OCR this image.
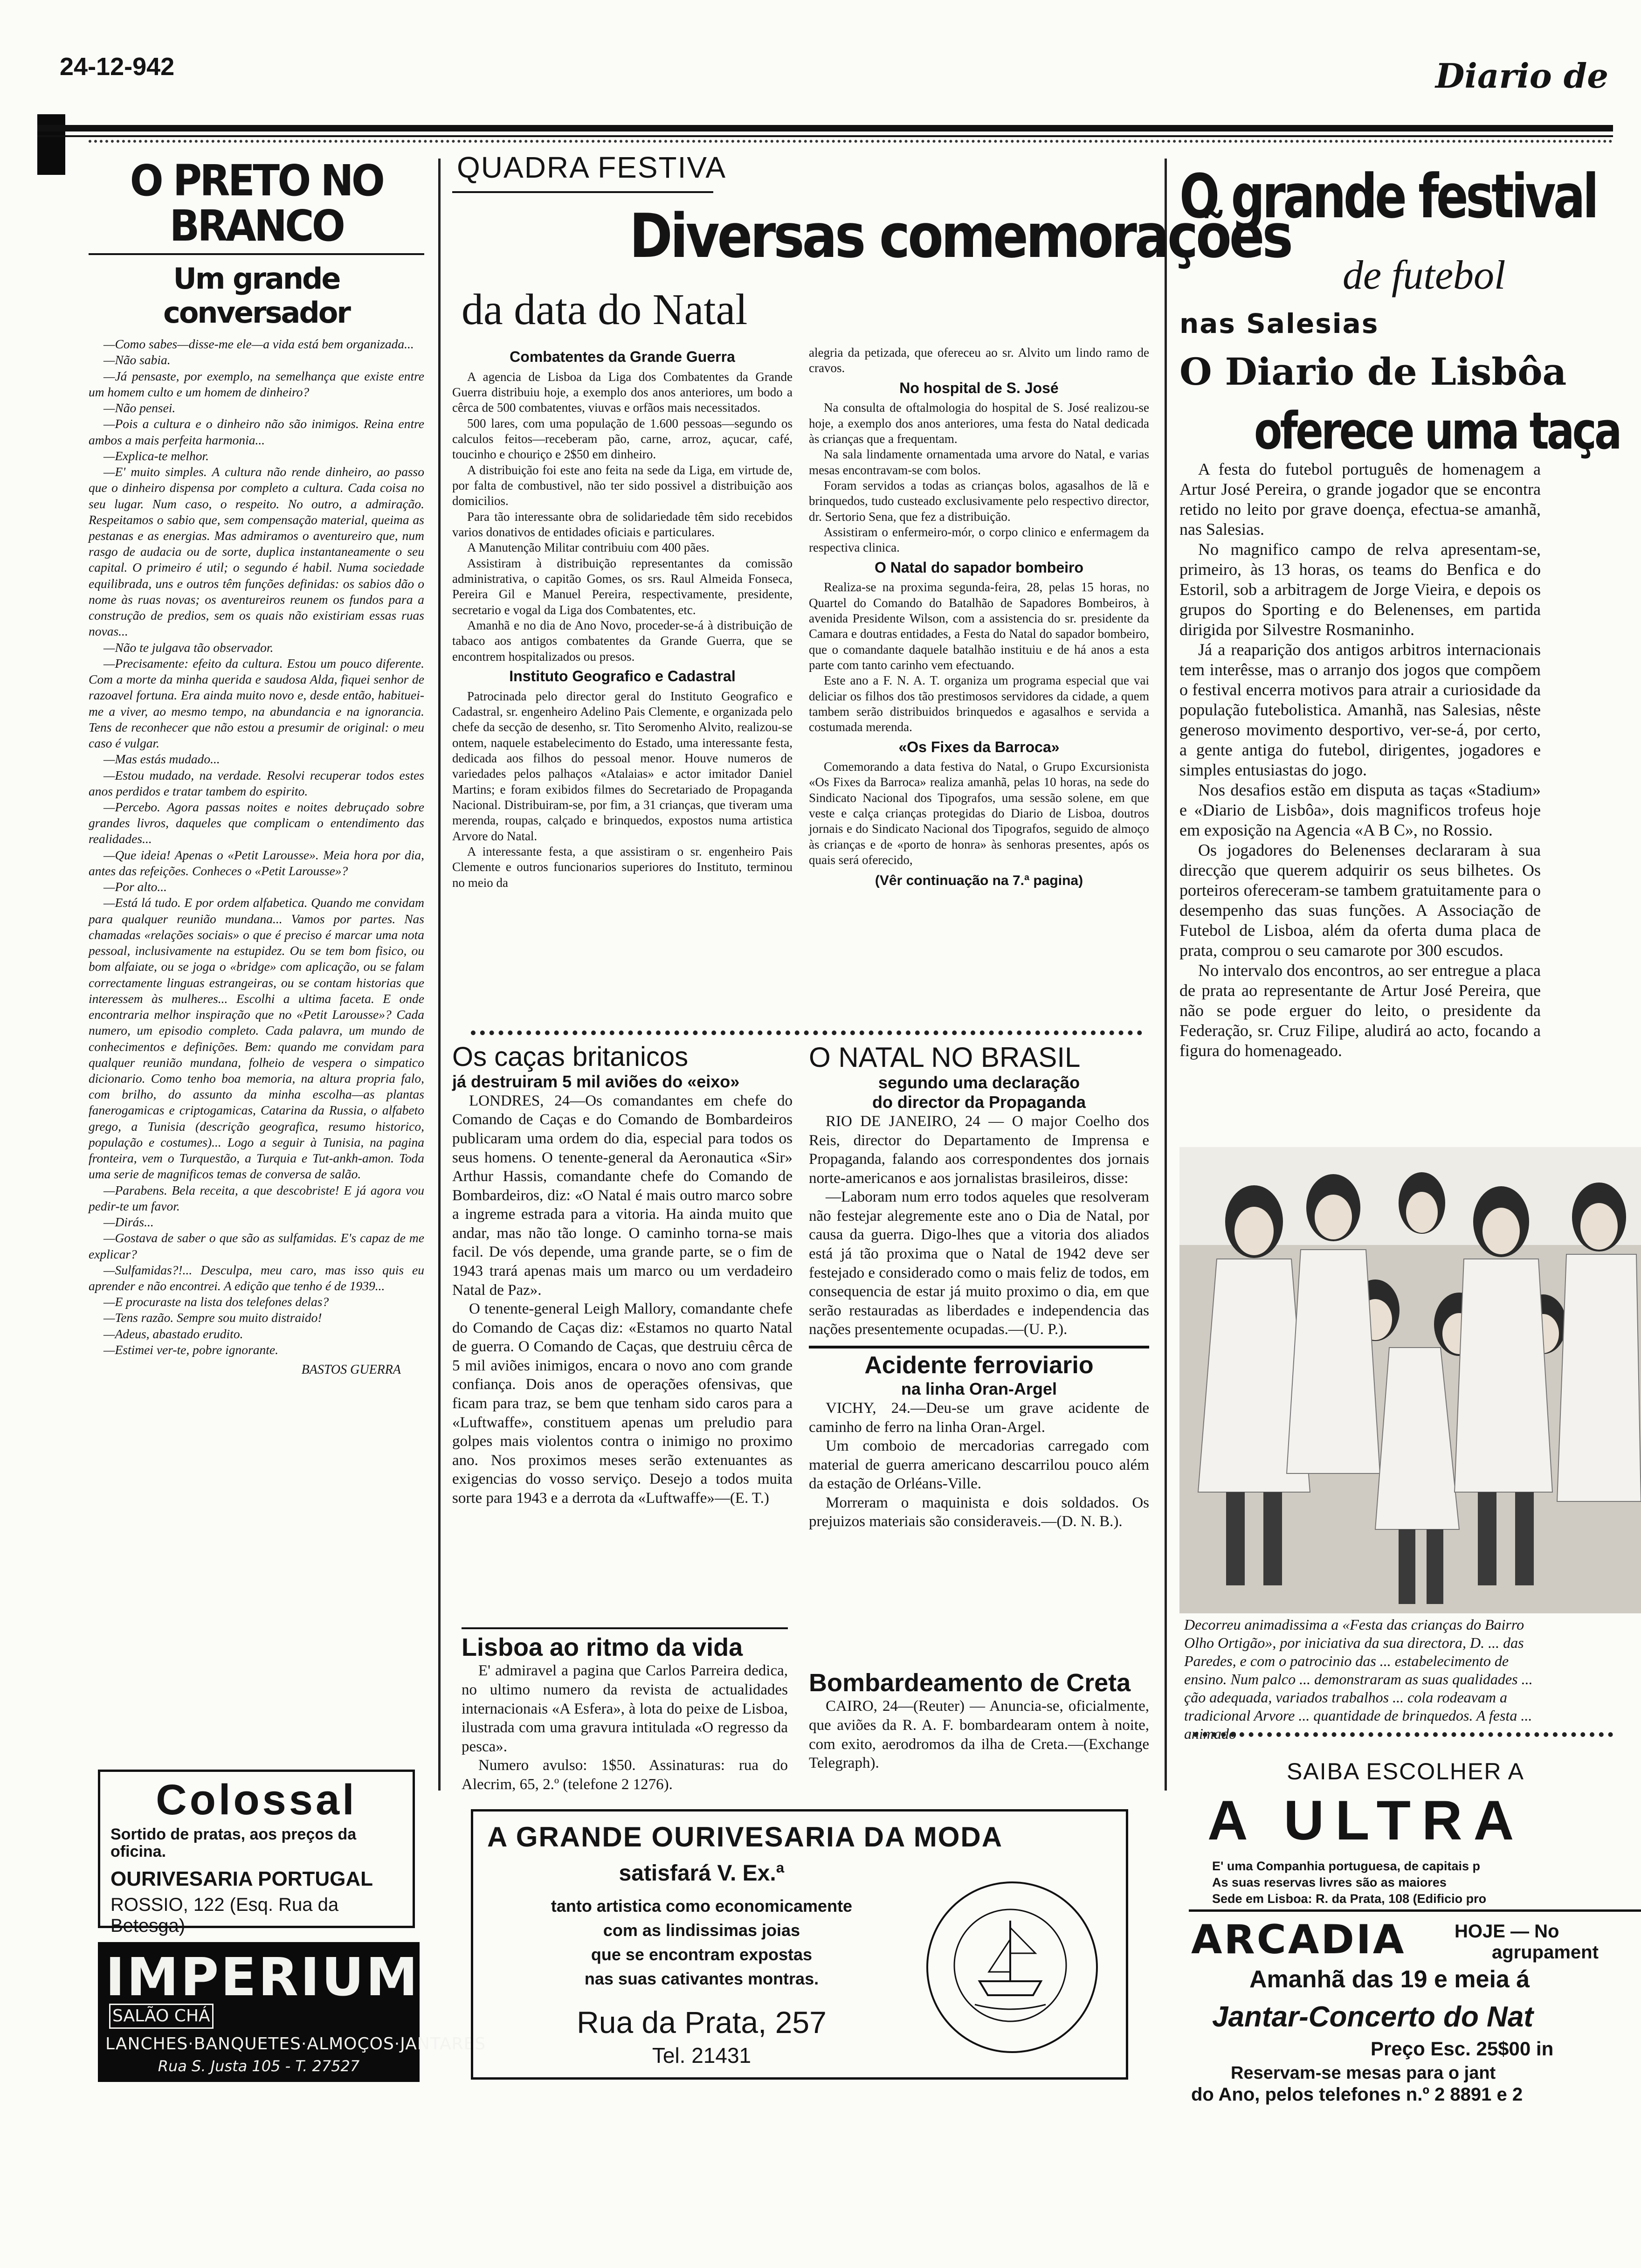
24-12-942	Diario de
O PRETO NO BRANCO
Um grande conversador

—Como sabes—disse-me ele—a vida está bem organizada...

—Não sabia.

—Já pensaste, por exemplo, na semelhança que existe entre um homem culto e um homem de dinheiro?

—Não pensei.

—Pois a cultura e o dinheiro não são inimigos. Reina entre ambos a mais perfeita harmonia...

—Explica-te melhor.

—E' muito simples. A cultura não rende dinheiro, ao passo que o dinheiro dispensa por completo a cultura. Cada coisa no seu lugar. Num caso, o respeito. No outro, a admiração. Respeitamos o sabio que, sem compensação material, queima as pestanas e as energias. Mas admiramos o aventureiro que, num rasgo de audacia ou de sorte, duplica instantaneamente o seu capital. O primeiro é util; o segundo é habil. Numa sociedade equilibrada, uns e outros têm funções definidas: os sabios dão o nome às ruas novas; os aventureiros reunem os fundos para a construção de predios, sem os quais não existiriam essas ruas novas...

—Não te julgava tão observador.

—Precisamente: efeito da cultura. Estou um pouco diferente. Com a morte da minha querida e saudosa Alda, fiquei senhor de razoavel fortuna. Era ainda muito novo e, desde então, habituei-me a viver, ao mesmo tempo, na abundancia e na ignorancia. Tens de reconhecer que não estou a presumir de original: o meu caso é vulgar.

—Mas estás mudado...

—Estou mudado, na verdade. Resolvi recuperar todos estes anos perdidos e tratar tambem do espirito.

—Percebo. Agora passas noites e noites debruçado sobre grandes livros, daqueles que complicam o entendimento das realidades...

—Que ideia! Apenas o «Petit Larousse». Meia hora por dia, antes das refeições. Conheces o «Petit Larousse»?

—Por alto...

—Está lá tudo. E por ordem alfabetica. Quando me convidam para qualquer reunião mundana... Vamos por partes. Nas chamadas «relações sociais» o que é preciso é marcar uma nota pessoal, inclusivamente na estupidez. Ou se tem bom fisico, ou bom alfaiate, ou se joga o «bridge» com aplicação, ou se falam correctamente linguas estrangeiras, ou se contam historias que interessem às mulheres... Escolhi a ultima faceta. E onde encontraria melhor inspiração que no «Petit Larousse»? Cada numero, um episodio completo. Cada palavra, um mundo de conhecimentos e definições. Bem: quando me convidam para qualquer reunião mundana, folheio de vespera o simpatico dicionario. Como tenho boa memoria, na altura propria falo, com brilho, do assunto da minha escolha—as plantas fanerogamicas e criptogamicas, Catarina da Russia, o alfabeto grego, a Tunisia (descrição geografica, resumo historico, população e costumes)... Logo a seguir à Tunisia, na pagina fronteira, vem o Turquestão, a Turquia e Tut-ankh-amon. Toda uma serie de magnificos temas de conversa de salão.

—Parabens. Bela receita, a que descobriste! E já agora vou pedir-te um favor.

—Dirás...

—Gostava de saber o que são as sulfamidas. E's capaz de me explicar?

—Sulfamidas?!... Desculpa, meu caro, mas isso quis eu aprender e não encontrei. A edição que tenho é de 1939...

—E procuraste na lista dos telefones delas?

—Tens razão. Sempre sou muito distraido!

—Adeus, abastado erudito.

—Estimei ver-te, pobre ignorante.

BASTOS GUERRA
Colossal
Sortido de pratas, aos preços da oficina.
OURIVESARIA PORTUGAL
ROSSIO, 122 (Esq. Rua da Betesga)
IMPERIUM SALÃO CHÁ
LANCHES·BANQUETES·ALMOÇOS·JANTARES
Rua S. Justa 105 - T. 27527
QUADRA FESTIVA
Diversas comemorações
da data do Natal
Combatentes da Grande Guerra

A agencia de Lisboa da Liga dos Combatentes da Grande Guerra distribuiu hoje, a exemplo dos anos anteriores, um bodo a cêrca de 500 combatentes, viuvas e orfãos mais necessitados.

500 lares, com uma população de 1.600 pessoas—segundo os calculos feitos—receberam pão, carne, arroz, açucar, café, toucinho e chouriço e 2$50 em dinheiro.

A distribuição foi este ano feita na sede da Liga, em virtude de, por falta de combustivel, não ter sido possivel a distribuição aos domicilios.

Para tão interessante obra de solidariedade têm sido recebidos varios donativos de entidades oficiais e particulares.

A Manutenção Militar contribuiu com 400 pães.

Assistiram à distribuição representantes da comissão administrativa, o capitão Gomes, os srs. Raul Almeida Fonseca, Pereira Gil e Manuel Pereira, respectivamente, presidente, secretario e vogal da Liga dos Combatentes, etc.

Amanhã e no dia de Ano Novo, proceder-se-á à distribuição de tabaco aos antigos combatentes da Grande Guerra, que se encontrem hospitalizados ou presos.

Instituto Geografico e Cadastral

Patrocinada pelo director geral do Instituto Geografico e Cadastral, sr. engenheiro Adelino Pais Clemente, e organizada pelo chefe da secção de desenho, sr. Tito Seromenho Alvito, realizou-se ontem, naquele estabelecimento do Estado, uma interessante festa, dedicada aos filhos do pessoal menor. Houve numeros de variedades pelos palhaços «Atalaias» e actor imitador Daniel Martins; e foram exibidos filmes do Secretariado de Propaganda Nacional. Distribuiram-se, por fim, a 31 crianças, que tiveram uma merenda, roupas, calçado e brinquedos, expostos numa artistica Arvore do Natal.

A interessante festa, a que assistiram o sr. engenheiro Pais Clemente e outros funcionarios superiores do Instituto, terminou no meio da

alegria da petizada, que ofereceu ao sr. Alvito um lindo ramo de cravos.

No hospital de S. José

Na consulta de oftalmologia do hospital de S. José realizou-se hoje, a exemplo dos anos anteriores, uma festa do Natal dedicada às crianças que a frequentam.

Na sala lindamente ornamentada uma arvore do Natal, e varias mesas encontravam-se com bolos.

Foram servidos a todas as crianças bolos, agasalhos de lã e brinquedos, tudo custeado exclusivamente pelo respectivo director, dr. Sertorio Sena, que fez a distribuição.

Assistiram o enfermeiro-mór, o corpo clinico e enfermagem da respectiva clinica.

O Natal do sapador bombeiro

Realiza-se na proxima segunda-feira, 28, pelas 15 horas, no Quartel do Comando do Batalhão de Sapadores Bombeiros, à avenida Presidente Wilson, com a assistencia do sr. presidente da Camara e doutras entidades, a Festa do Natal do sapador bombeiro, que o comandante daquele batalhão instituiu e de há anos a esta parte com tanto carinho vem efectuando.

Este ano a F. N. A. T. organiza um programa especial que vai deliciar os filhos dos tão prestimosos servidores da cidade, a quem tambem serão distribuidos brinquedos e agasalhos e servida a costumada merenda.

«Os Fixes da Barroca»

Comemorando a data festiva do Natal, o Grupo Excursionista «Os Fixes da Barroca» realiza amanhã, pelas 10 horas, na sede do Sindicato Nacional dos Tipografos, uma sessão solene, em que veste e calça crianças protegidas do Diario de Lisboa, doutros jornais e do Sindicato Nacional dos Tipografos, seguido de almoço às crianças e de «porto de honra» às senhoras presentes, após os quais será oferecido,

(Vêr continuação na 7.ª pagina)
Os caças britanicos
já destruiram 5 mil aviões do «eixo»

LONDRES, 24—Os comandantes em chefe do Comando de Caças e do Comando de Bombardeiros publicaram uma ordem do dia, especial para todos os seus homens. O tenente-general da Aeronautica «Sir» Arthur Hassis, comandante chefe do Comando de Bombardeiros, diz: «O Natal é mais outro marco sobre a ingreme estrada para a vitoria. Ha ainda muito que andar, mas não tão longe. O caminho torna-se mais facil. De vós depende, uma grande parte, se o fim de 1943 trará apenas mais um marco ou um verdadeiro Natal de Paz».

O tenente-general Leigh Mallory, comandante chefe do Comando de Caças diz: «Estamos no quarto Natal de guerra. O Comando de Caças, que destruiu cêrca de 5 mil aviões inimigos, encara o novo ano com grande confiança. Dois anos de operações ofensivas, que ficam para traz, se bem que tenham sido caros para a «Luftwaffe», constituem apenas um preludio para golpes mais violentos contra o inimigo no proximo ano. Nos proximos meses serão extenuantes as exigencias do vosso serviço. Desejo a todos muita sorte para 1943 e a derrota da «Luftwaffe»—(E. T.)

O NATAL NO BRASIL
segundo uma declaração
do director da Propaganda

RIO DE JANEIRO, 24 — O major Coelho dos Reis, director do Departamento de Imprensa e Propaganda, falando aos correspondentes dos jornais norte-americanos e aos jornalistas brasileiros, disse:

—Laboram num erro todos aqueles que resolveram não festejar alegremente este ano o Dia de Natal, por causa da guerra. Digo-lhes que a vitoria dos aliados está já tão proxima que o Natal de 1942 deve ser festejado e considerado como o mais feliz de todos, em consequencia de estar já muito proximo o dia, em que serão restauradas as liberdades e independencia das nações presentemente ocupadas.—(U. P.).

Acidente ferroviario
na linha Oran-Argel

VICHY, 24.—Deu-se um grave acidente de caminho de ferro na linha Oran-Argel.

Um comboio de mercadorias carregado com material de guerra americano descarrilou pouco além da estação de Orléans-Ville.

Morreram o maquinista e dois soldados. Os prejuizos materiais são consideraveis.—(D. N. B.).

Lisboa ao ritmo da vida

E' admiravel a pagina que Carlos Parreira dedica, no ultimo numero da revista de actualidades internacionais «A Esfera», à lota do peixe de Lisboa, ilustrada com uma gravura intitulada «O regresso da pesca».

Numero avulso: 1$50. Assinaturas: rua do Alecrim, 65, 2.º (telefone 2 1276).

Bombardeamento de Creta

CAIRO, 24—(Reuter) — Anuncia-se, oficialmente, que aviões da R. A. F. bombardearam ontem à noite, com exito, aerodromos da ilha de Creta.—(Exchange Telegraph).

A GRANDE OURIVESARIA DA MODA
satisfará V. Ex.ª
tanto artistica como economicamente
com as lindissimas joias
que se encontram expostas
nas suas cativantes montras.
Rua da Prata, 257
Tel. 21431
O grande festival
de futebol
nas Salesias
O Diario de Lisbôa
oferece uma taça

A festa do futebol português de homenagem a Artur José Pereira, o grande jogador que se encontra retido no leito por grave doença, efectua-se amanhã, nas Salesias.

No magnifico campo de relva apresentam-se, primeiro, às 13 horas, os teams do Benfica e do Estoril, sob a arbitragem de Jorge Vieira, e depois os grupos do Sporting e do Belenenses, em partida dirigida por Silvestre Rosmaninho.

Já a reaparição dos antigos arbitros internacionais tem interêsse, mas o arranjo dos jogos que compõem o festival encerra motivos para atrair a curiosidade da população futebolistica. Amanhã, nas Salesias, nêste generoso movimento desportivo, ver-se-á, por certo, a gente antiga do futebol, dirigentes, jogadores e simples entusiastas do jogo.

Nos desafios estão em disputa as taças «Stadium» e «Diario de Lisbôa», dois magnificos trofeus hoje em exposição na Agencia «A B C», no Rossio.

Os jogadores do Belenenses declararam à sua direcção que querem adquirir os seus bilhetes. Os porteiros ofereceram-se tambem gratuitamente para o desempenho das suas funções. A Associação de Futebol de Lisboa, além da oferta duma placa de prata, comprou o seu camarote por 300 escudos.

No intervalo dos encontros, ao ser entregue a placa de prata ao representante de Artur José Pereira, que não se pode erguer do leito, o presidente da Federação, sr. Cruz Filipe, aludirá ao acto, focando a figura do homenageado.

Decorreu animadissima a «Festa das crianças do Bairro Olho Ortigão», por iniciativa da sua directora, D. ... das Paredes, e com o patrocinio das ... estabelecimento de ensino. Num palco ... demonstraram as suas qualidades ... ção adequada, variados trabalhos ... cola rodeavam a tradicional Arvore ... quantidade de brinquedos. A festa ... animado
SAIBA ESCOLHER A
A ULTRA
E' uma Companhia portuguesa, de capitais p
As suas reservas livres são as maiores
Sede em Lisboa: R. da Prata, 108 (Edificio pro
ARCADIA	HOJE — No
agrupament
Amanhã das 19 e meia á
Jantar-Concerto do Nat
Preço Esc. 25$00 in
Reservam-se mesas para o jant
do Ano, pelos telefones n.º 2 8891 e 2
